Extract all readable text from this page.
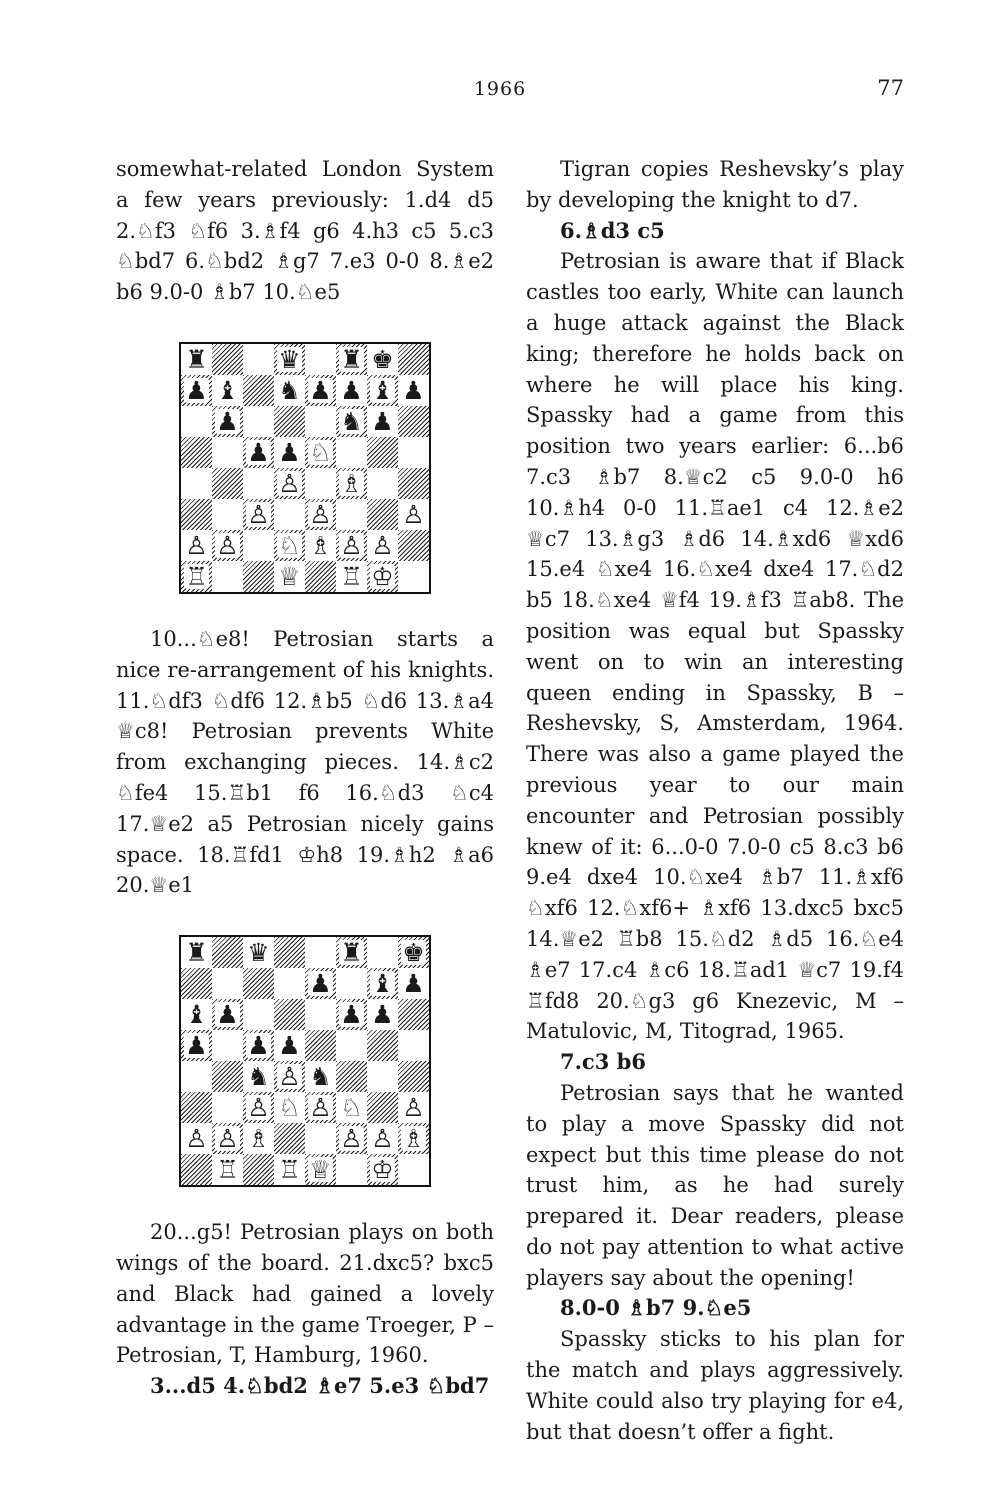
1966	77

somewhat-related London System a few years previously: 1.d4 d5 2.♘f3 ♘f6 3.♗f4 g6 4.h3 c5 5.c3 ♘bd7 6.♘bd2 ♗g7 7.e3 0-0 8.♗e2 b6 9.0-0 ♗b7 10.♘e5

♜	♛ ♜ ♚
♟ ♝ ♞ ♟ ♟ ♝ ♟
♟	♞ ♟
♟ ♟ ♘
♙ ♗
♙ ♙	♙
♙ ♙ ♘ ♗ ♙ ♙
♖	♕ ♖ ♔

10...♘e8! Petrosian starts a nice re-arrangement of his knights. 11.♘df3 ♘df6 12.♗b5 ♘d6 13.♗a4 ♕c8! Petrosian prevents White from exchanging pieces. 14.♗c2 ♘fe4 15.♖b1 f6 16.♘d3 ♘c4 17.♕e2 a5 Petrosian nicely gains space. 18.♖fd1 ♔h8 19.♗h2 ♗a6 20.♕e1

♜ ♛	♜ ♚
♟ ♝ ♟
♝ ♟	♟ ♟
♟ ♟ ♟
♞ ♙ ♞
♙ ♘ ♙ ♘ ♙
♙ ♙ ♗	♙ ♙ ♗
♖ ♖ ♕ ♔

20...g5! Petrosian plays on both wings of the board. 21.dxc5? bxc5 and Black had gained a lovely advantage in the game Troeger, P – Petrosian, T, Hamburg, 1960.

3...d5 4.♘bd2 ♗e7 5.e3 ♘bd7

Tigran copies Reshevsky’s play by developing the knight to d7.

6.♗d3 c5

Petrosian is aware that if Black castles too early, White can launch a huge attack against the Black king; therefore he holds back on where he will place his king. Spassky had a game from this position two years earlier: 6...b6 7.c3 ♗b7 8.♕c2 c5 9.0-0 h6 10.♗h4 0-0 11.♖ae1 c4 12.♗e2 ♕c7 13.♗g3 ♗d6 14.♗xd6 ♕xd6 15.e4 ♘xe4 16.♘xe4 dxe4 17.♘d2 b5 18.♘xe4 ♕f4 19.♗f3 ♖ab8. The position was equal but Spassky went on to win an interesting queen ending in Spassky, B – Reshevsky, S, Amsterdam, 1964. There was also a game played the previous year to our main encounter and Petrosian possibly knew of it: 6...0-0 7.0-0 c5 8.c3 b6 9.e4 dxe4 10.♘xe4 ♗b7 11.♗xf6 ♘xf6 12.♘xf6+ ♗xf6 13.dxc5 bxc5 14.♕e2 ♖b8 15.♘d2 ♗d5 16.♘e4 ♗e7 17.c4 ♗c6 18.♖ad1 ♕c7 19.f4 ♖fd8 20.♘g3 g6 Knezevic, M – Matulovic, M, Titograd, 1965.

7.c3 b6

Petrosian says that he wanted to play a move Spassky did not expect but this time please do not trust him, as he had surely prepared it. Dear readers, please do not pay attention to what active players say about the opening!

8.0-0 ♗b7 9.♘e5

Spassky sticks to his plan for the match and plays aggressively. White could also try playing for e4, but that doesn’t offer a fight.
